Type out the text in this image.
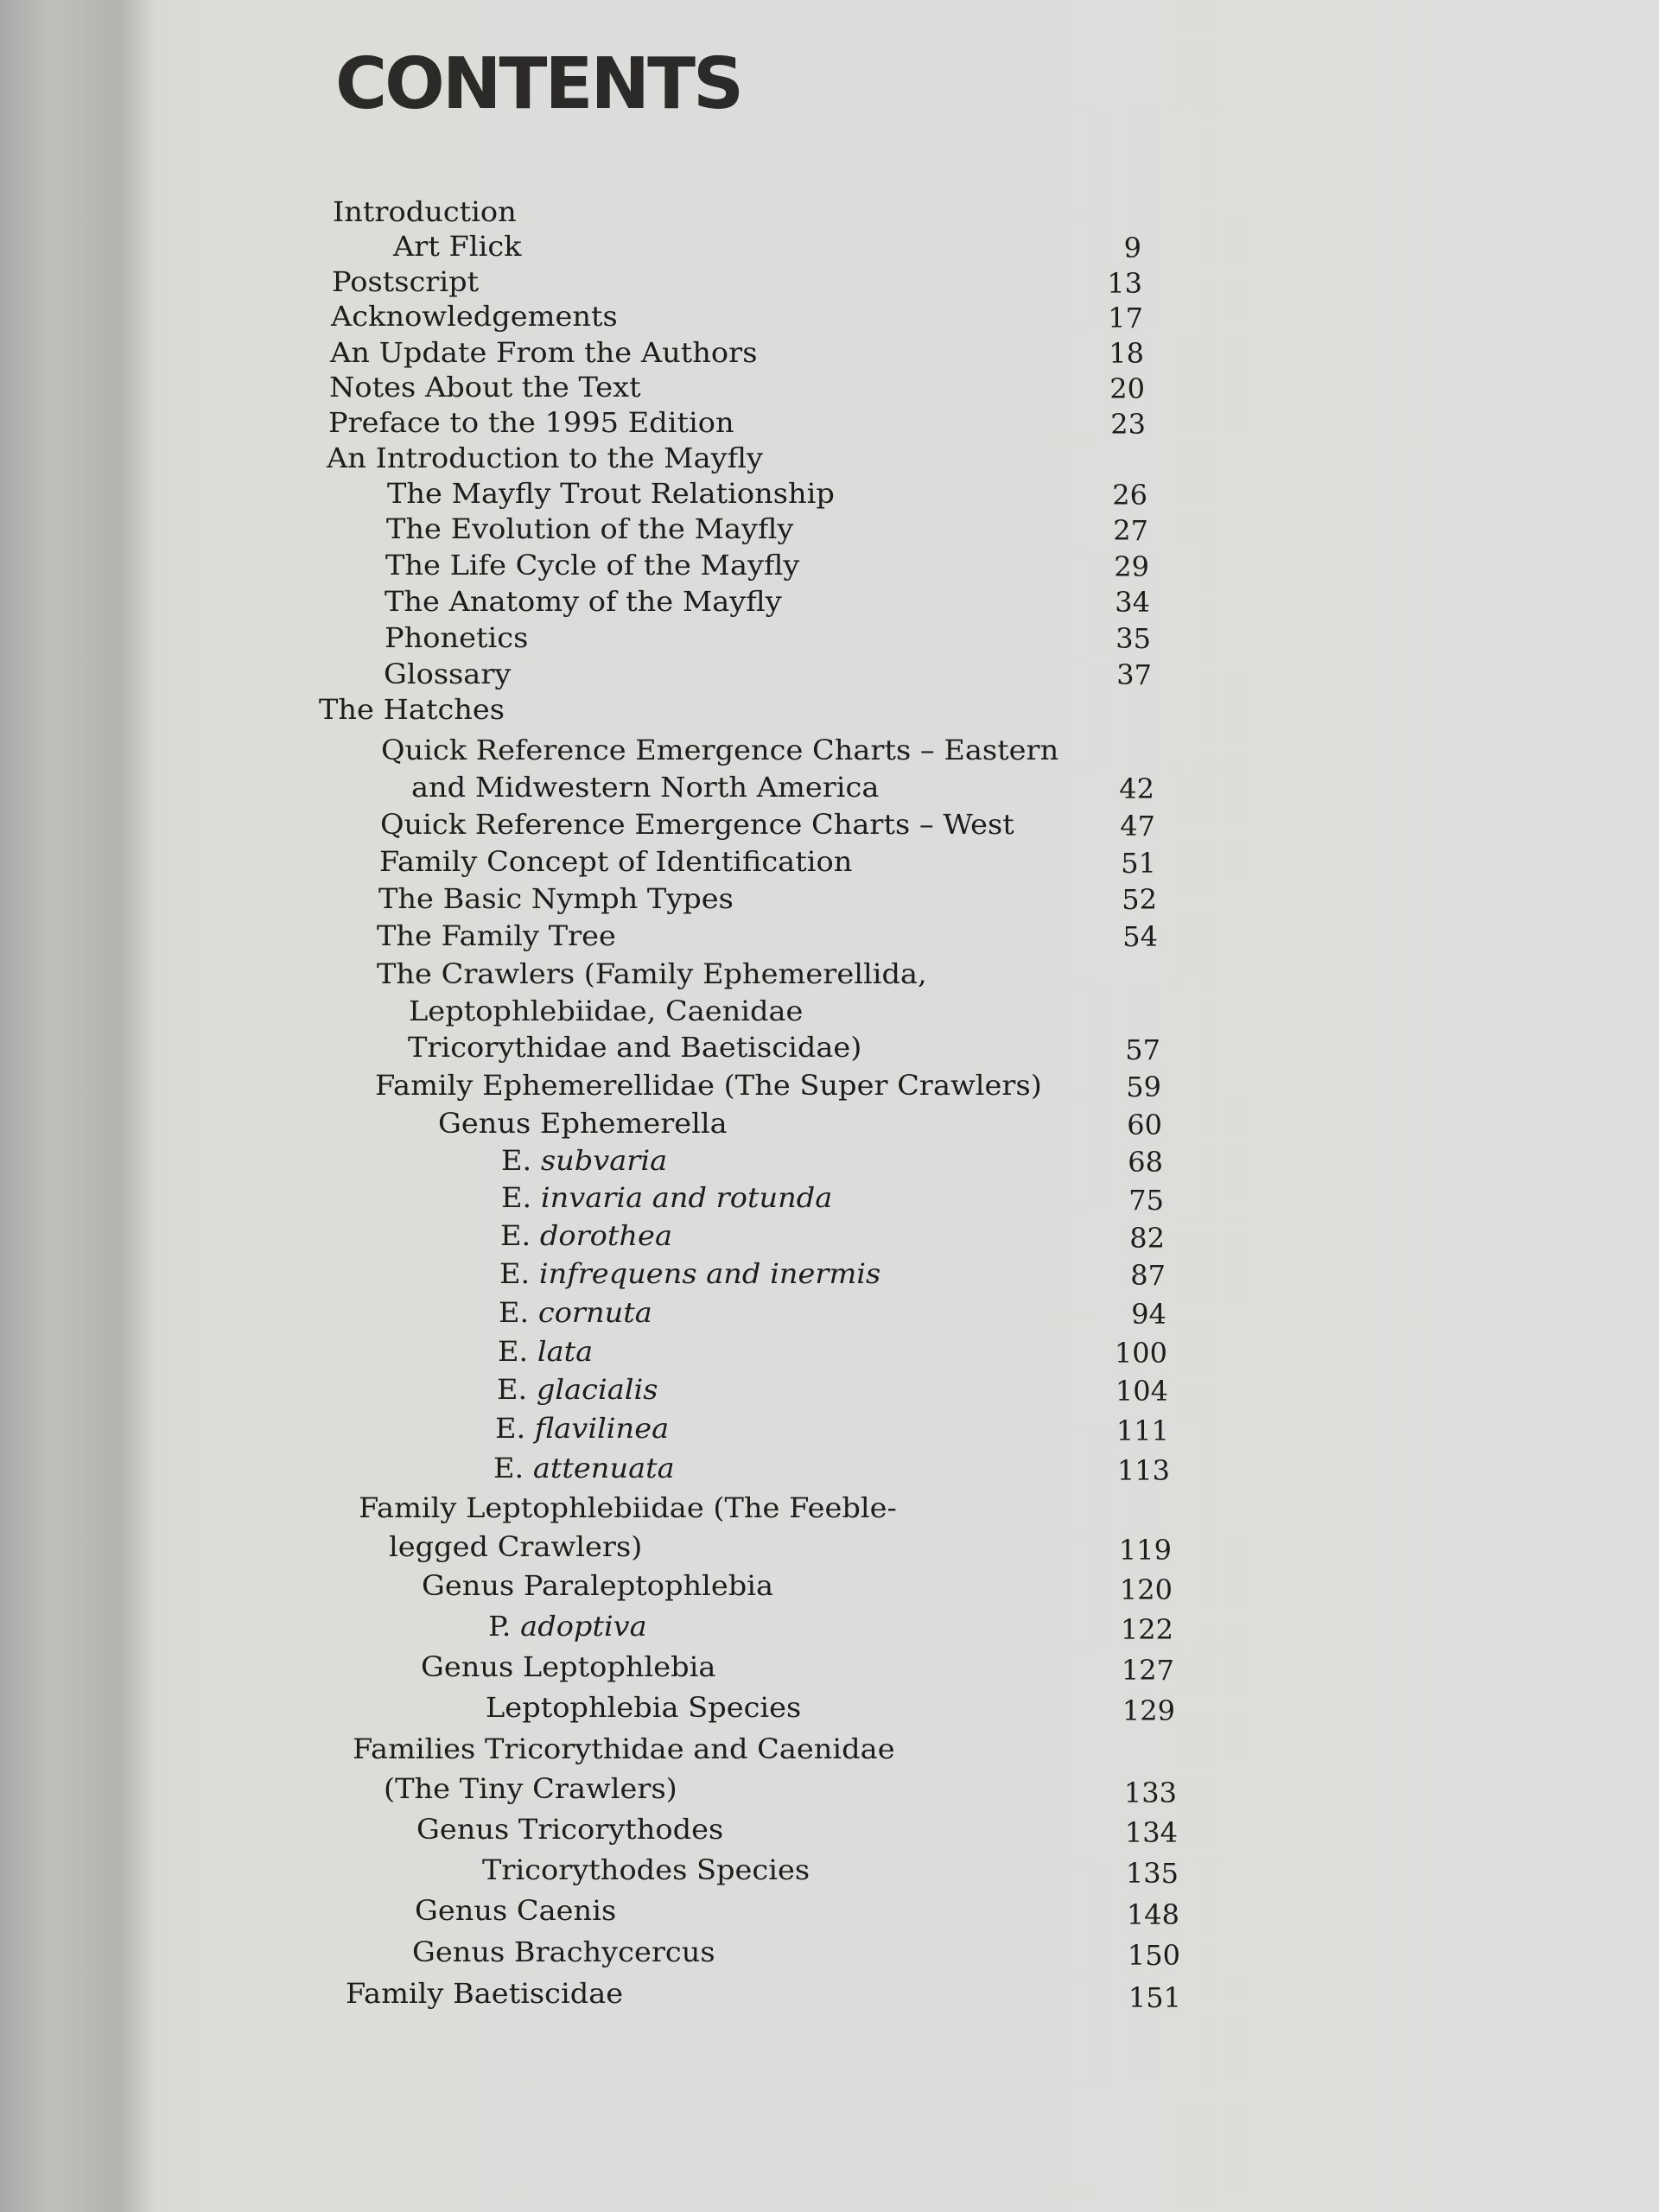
CONTENTS
Introduction
Art Flick	9
Postscript	13
Acknowledgements	17
An Update From the Authors	18
Notes About the Text	20
Preface to the 1995 Edition	23
An Introduction to the Mayfly
The Mayfly Trout Relationship	26
The Evolution of the Mayfly	27
The Life Cycle of the Mayfly	29
The Anatomy of the Mayfly	34
Phonetics	35
Glossary	37
The Hatches
Quick Reference Emergence Charts – Eastern
and Midwestern North America	42
Quick Reference Emergence Charts – West	47
Family Concept of Identification	51
The Basic Nymph Types	52
The Family Tree	54
The Crawlers (Family Ephemerellida,
Leptophlebiidae, Caenidae
Tricorythidae and Baetiscidae)	57
Family Ephemerellidae (The Super Crawlers)	59
Genus Ephemerella	60
E. subvaria	68
E. invaria and rotunda	75
E. dorothea	82
E. infrequens and inermis	87
E. cornuta	94
E. lata	100
E. glacialis	104
E. flavilinea	111
E. attenuata	113
Family Leptophlebiidae (The Feeble-
legged Crawlers)	119
Genus Paraleptophlebia	120
P. adoptiva	122
Genus Leptophlebia	127
Leptophlebia Species	129
Families Tricorythidae and Caenidae
(The Tiny Crawlers)	133
Genus Tricorythodes	134
Tricorythodes Species	135
Genus Caenis	148
Genus Brachycercus	150
Family Baetiscidae	151
